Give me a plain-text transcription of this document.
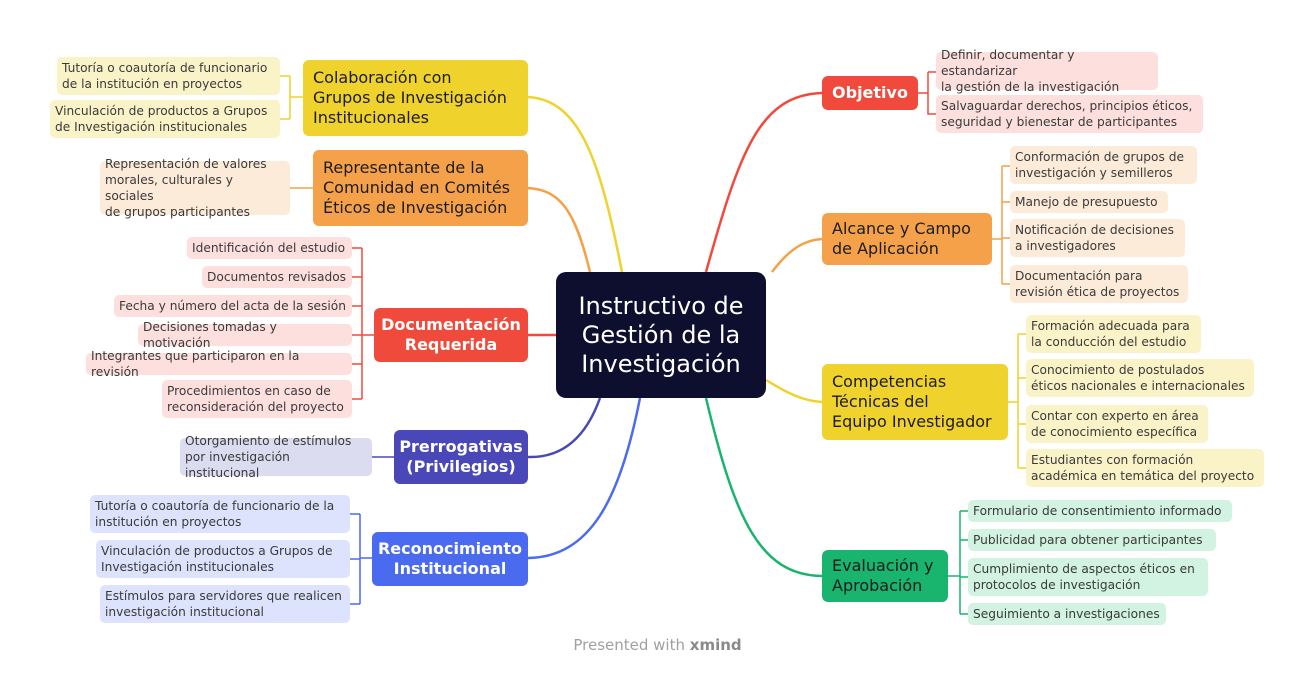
Instructivo de
Gestión de la
Investigación
Objetivo
Definir, documentar y estandarizar
la gestión de la investigación
Salvaguardar derechos, principios éticos,
seguridad y bienestar de participantes
Alcance y Campo
de Aplicación
Conformación de grupos de
investigación y semilleros
Manejo de presupuesto
Notificación de decisiones
a investigadores
Documentación para
revisión ética de proyectos
Competencias
Técnicas del
Equipo Investigador
Formación adecuada para
la conducción del estudio
Conocimiento de postulados
éticos nacionales e internacionales
Contar con experto en área
de conocimiento específica
Estudiantes con formación
académica en temática del proyecto
Evaluación y
Aprobación
Formulario de consentimiento informado
Publicidad para obtener participantes
Cumplimiento de aspectos éticos en
protocolos de investigación
Seguimiento a investigaciones
Colaboración con
Grupos de Investigación
Institucionales
Tutoría o coautoría de funcionario
de la institución en proyectos
Vinculación de productos a Grupos
de Investigación institucionales
Representante de la
Comunidad en Comités
Éticos de Investigación
Representación de valores
morales, culturales y sociales
de grupos participantes
Documentación
Requerida
Identificación del estudio
Documentos revisados
Fecha y número del acta de la sesión
Decisiones tomadas y motivación
Integrantes que participaron en la revisión
Procedimientos en caso de
reconsideración del proyecto
Prerrogativas
(Privilegios)
Otorgamiento de estímulos
por investigación institucional
Reconocimiento
Institucional
Tutoría o coautoría de funcionario de la
institución en proyectos
Vinculación de productos a Grupos de
Investigación institucionales
Estímulos para servidores que realicen
investigación institucional
Presented with xmind
